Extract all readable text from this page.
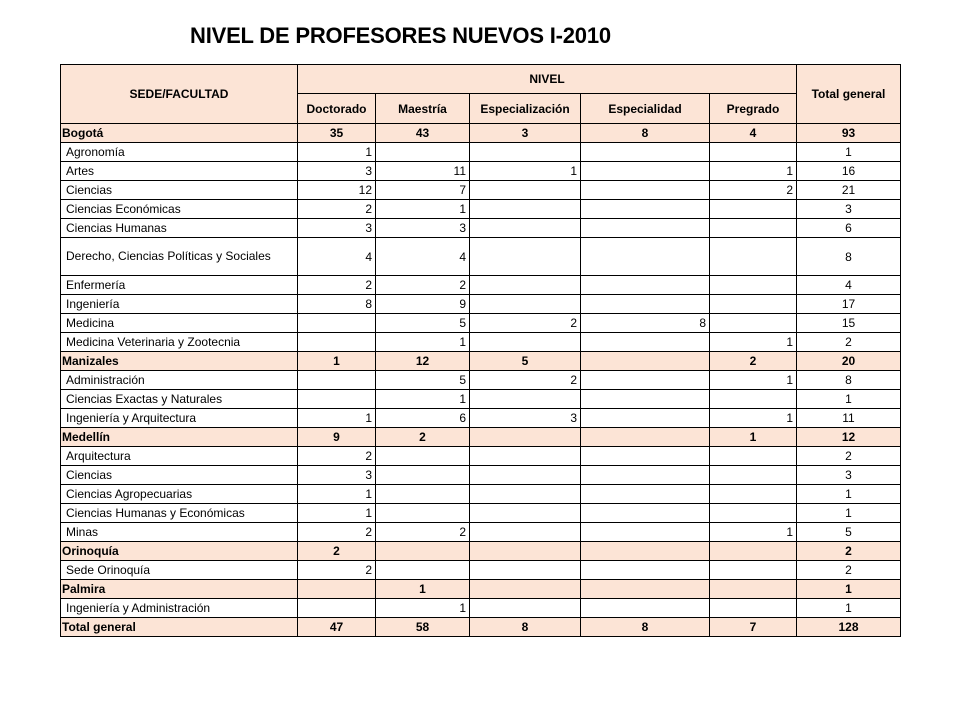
NIVEL DE PROFESORES NUEVOS I-2010
SEDE/FACULTAD	NIVEL					Total general
	Doctorado	Maestría	Especialización	Especialidad	Pregrado	
Bogotá	35	43	3	8	4	93
Agronomía	1					1
Artes	3	11	1		1	16
Ciencias	12	7			2	21
Ciencias Económicas	2	1				3
Ciencias Humanas	3	3				6
Derecho, Ciencias Políticas y Sociales	4	4				8
Enfermería	2	2				4
Ingeniería	8	9				17
Medicina		5	2	8		15
Medicina Veterinaria y Zootecnia		1			1	2
Manizales	1	12	5		2	20
Administración		5	2		1	8
Ciencias Exactas y Naturales		1				1
Ingeniería y Arquitectura	1	6	3		1	11
Medellín	9	2			1	12
Arquitectura	2					2
Ciencias	3					3
Ciencias Agropecuarias	1					1
Ciencias Humanas y Económicas	1					1
Minas	2	2			1	5
Orinoquía	2					2
Sede Orinoquía	2					2
Palmira		1				1
Ingeniería y Administración		1				1
Total general	47	58	8	8	7	128
